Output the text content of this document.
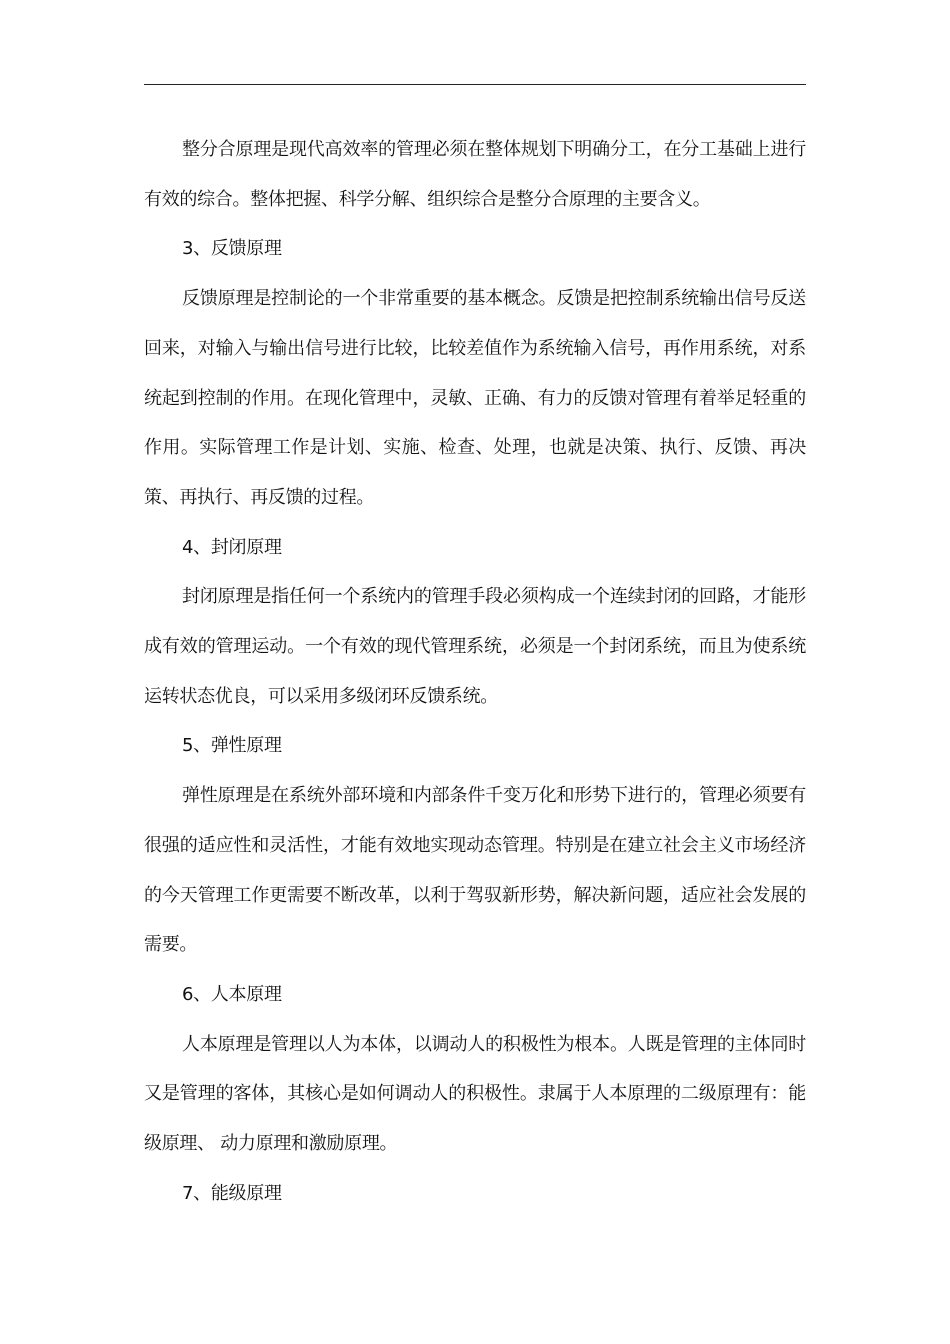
整分合原理是现代高效率的管理必须在整体规划下明确分工，在分工基础上进行有效的综合。整体把握、科学分解、组织综合是整分合原理的主要含义。

3、反馈原理

反馈原理是控制论的一个非常重要的基本概念。反馈是把控制系统输出信号反送回来，对输入与输出信号进行比较，比较差值作为系统输入信号，再作用系统，对系统起到控制的作用。在现化管理中，灵敏、正确、有力的反馈对管理有着举足轻重的作用。实际管理工作是计划、实施、检查、处理，也就是决策、执行、反馈、再决策、再执行、再反馈的过程。

4、封闭原理

封闭原理是指任何一个系统内的管理手段必须构成一个连续封闭的回路，才能形成有效的管理运动。一个有效的现代管理系统，必须是一个封闭系统，而且为使系统运转状态优良，可以采用多级闭环反馈系统。

5、弹性原理

弹性原理是在系统外部环境和内部条件千变万化和形势下进行的，管理必须要有很强的适应性和灵活性，才能有效地实现动态管理。特别是在建立社会主义市场经济的今天管理工作更需要不断改革，以利于驾驭新形势，解决新问题，适应社会发展的需要。

6、人本原理

人本原理是管理以人为本体，以调动人的积极性为根本。人既是管理的主体同时又是管理的客体，其核心是如何调动人的积极性。隶属于人本原理的二级原理有：能级原理、 动力原理和激励原理。

7、能级原理
